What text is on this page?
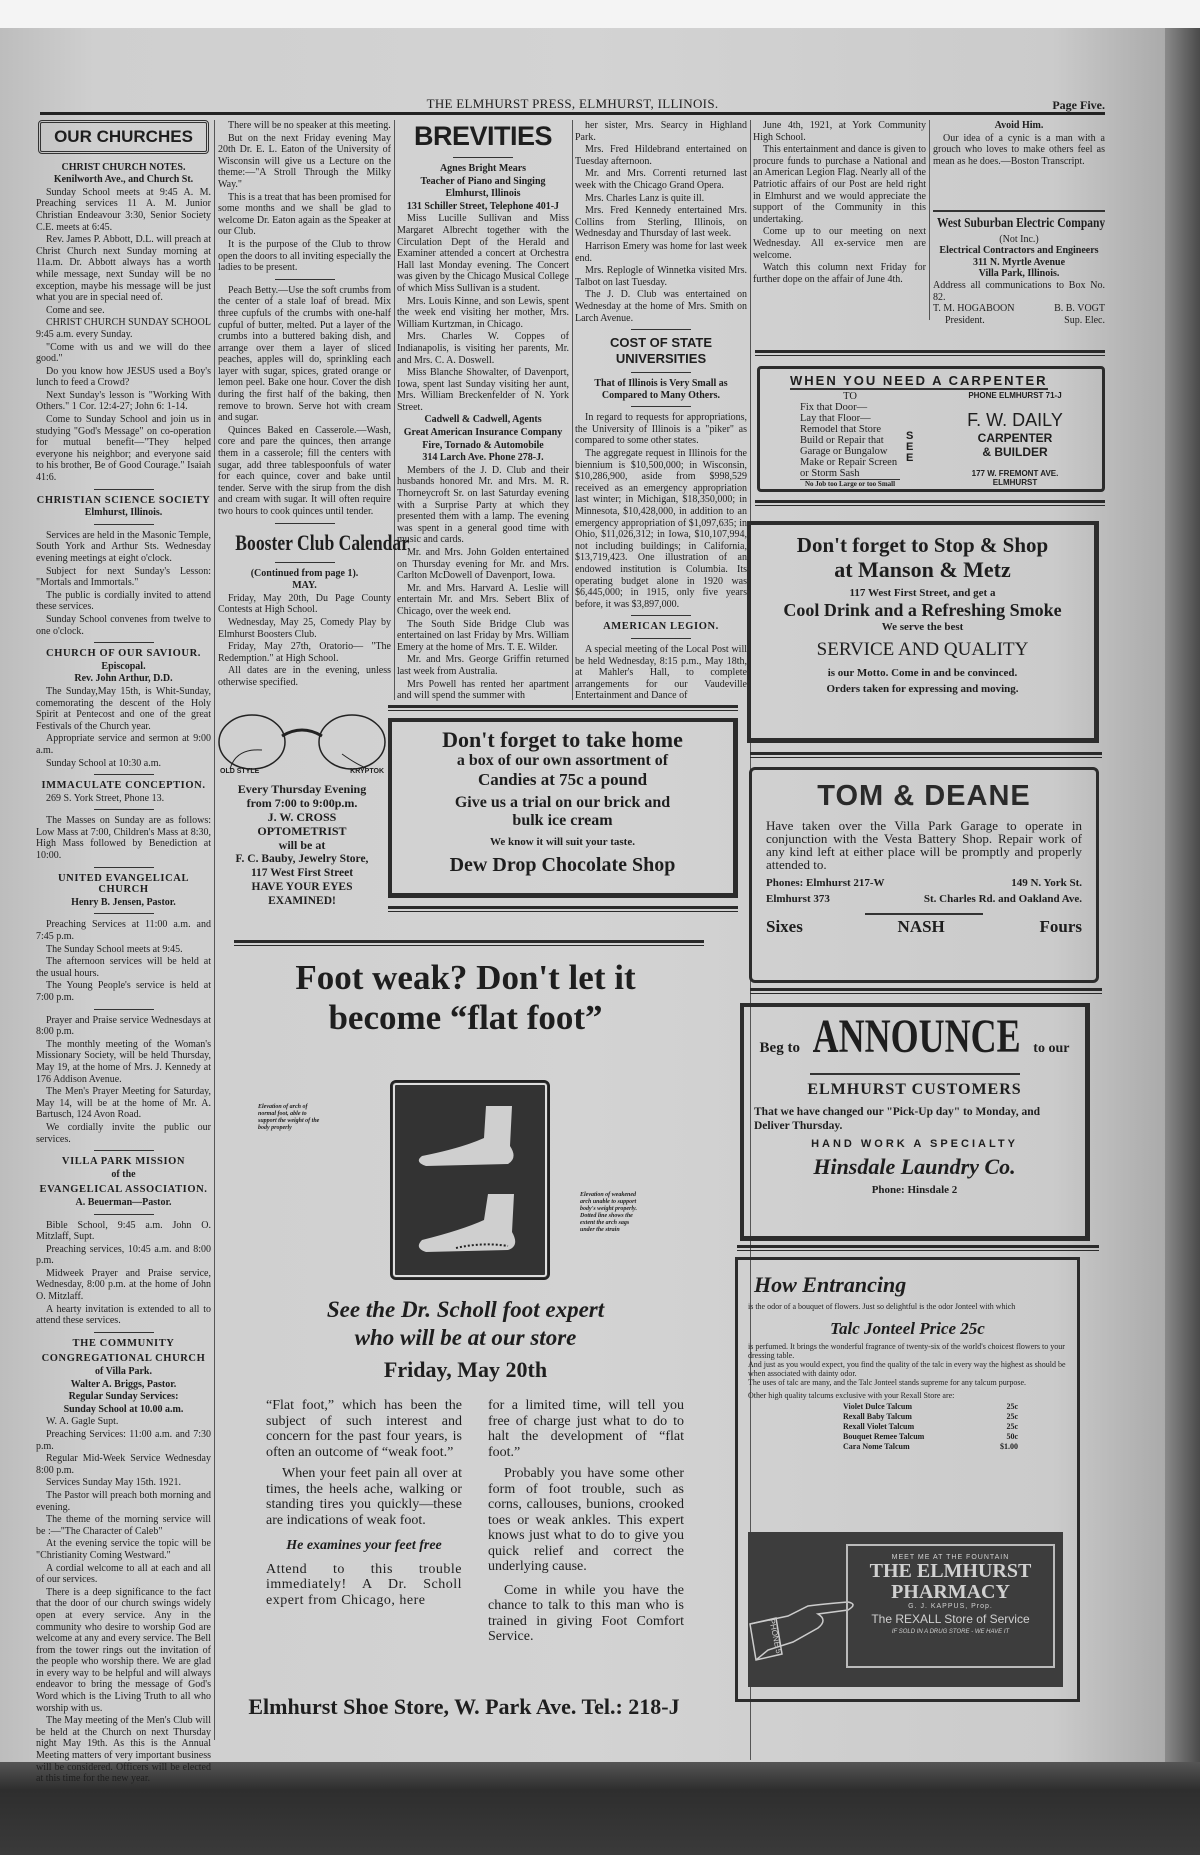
THE ELMHURST PRESS, ELMHURST, ILLINOIS.	Page Five.

OUR CHURCHES

CHRIST CHURCH NOTES.

Kenilworth Ave., and Church St.

Sunday School meets at 9:45 A. M. Preaching services 11 A. M. Junior Christian Endeavour 3:30, Senior Society C.E. meets at 6:45.

Rev. James P. Abbott, D.L. will preach at Christ Church next Sunday morning at 11a.m. Dr. Abbott always has a worth while message, next Sunday will be no exception, maybe his message will be just what you are in special need of.

Come and see.

CHRIST CHURCH SUNDAY SCHOOL 9:45 a.m. every Sunday.

"Come with us and we will do thee good."

Do you know how JESUS used a Boy's lunch to feed a Crowd?

Next Sunday's lesson is "Working With Others." 1 Cor. 12:4-27; John 6: 1-14.

Come to Sunday School and join us in studying "God's Message" on co-operation for mutual benefit—"They helped everyone his neighbor; and everyone said to his brother, Be of Good Courage." Isaiah 41:6.

CHRISTIAN SCIENCE SOCIETY

Elmhurst, Illinois.

Services are held in the Masonic Temple, South York and Arthur Sts. Wednesday evening meetings at eight o'clock.

Subject for next Sunday's Lesson: "Mortals and Immortals."

The public is cordially invited to attend these services.

Sunday School convenes from twelve to one o'clock.

CHURCH OF OUR SAVIOUR.

Episcopal.

Rev. John Arthur, D.D.

The Sunday,May 15th, is Whit-Sunday, comemorating the descent of the Holy Spirit at Pentecost and one of the great Festivals of the Church year.

Appropriate service and sermon at 9:00 a.m.

Sunday School at 10:30 a.m.

IMMACULATE CONCEPTION.

269 S. York Street, Phone 13.

The Masses on Sunday are as follows: Low Mass at 7:00, Children's Mass at 8:30, High Mass followed by Benediction at 10:00.

UNITED EVANGELICAL CHURCH

Henry B. Jensen, Pastor.

Preaching Services at 11:00 a.m. and 7:45 p.m.

The Sunday School meets at 9:45.

The afternoon services will be held at the usual hours.

The Young People's service is held at 7:00 p.m.

Prayer and Praise service Wednesdays at 8:00 p.m.

The monthly meeting of the Woman's Missionary Society, will be held Thursday, May 19, at the home of Mrs. J. Kennedy at 176 Addison Avenue.

The Men's Prayer Meeting for Saturday, May 14, will be at the home of Mr. A. Bartusch, 124 Avon Road.

We cordially invite the public our services.

VILLA PARK MISSION

of the

EVANGELICAL ASSOCIATION.

A. Beuerman—Pastor.

Bible School, 9:45 a.m. John O. Mitzlaff, Supt.

Preaching services, 10:45 a.m. and 8:00 p.m.

Midweek Prayer and Praise service, Wednesday, 8:00 p.m. at the home of John O. Mitzlaff.

A hearty invitation is extended to all to attend these services.

THE COMMUNITY

CONGREGATIONAL CHURCH

of Villa Park.

Walter A. Briggs, Pastor.

Regular Sunday Services:

Sunday School at 10.00 a.m.

W. A. Gagle Supt.

Preaching Services: 11:00 a.m. and 7:30 p.m.

Regular Mid-Week Service Wednesday 8:00 p.m.

Services Sunday May 15th. 1921.

The Pastor will preach both morning and evening.

The theme of the morning service will be :—"The Character of Caleb"

At the evening service the topic will be "Christianity Coming Westward."

A cordial welcome to all at each and all of our services.

There is a deep significance to the fact that the door of our church swings widely open at every service. Any in the community who desire to worship God are welcome at any and every service. The Bell from the tower rings out the invitation of the people who worship there. We are glad in every way to be helpful and will always endeavor to bring the message of God's Word which is the Living Truth to all who worship with us.

The May meeting of the Men's Club will be held at the Church on next Thursday night May 19th. As this is the Annual Meeting matters of very important business will be considered. Officers will be elected at this time for the new year.

There will be no speaker at this meeting.

But on the next Friday evening May 20th Dr. E. L. Eaton of the University of Wisconsin will give us a Lecture on the theme:—"A Stroll Through the Milky Way."

This is a treat that has been promised for some months and we shall be glad to welcome Dr. Eaton again as the Speaker at our Club.

It is the purpose of the Club to throw open the doors to all inviting especially the ladies to be present.

Peach Betty.—Use the soft crumbs from the center of a stale loaf of bread. Mix three cupfuls of the crumbs with one-half cupful of butter, melted. Put a layer of the crumbs into a buttered baking dish, and arrange over them a layer of sliced peaches, apples will do, sprinkling each layer with sugar, spices, grated orange or lemon peel. Bake one hour. Cover the dish during the first half of the baking, then remove to brown. Serve hot with cream and sugar.

Quinces Baked en Casserole.—Wash, core and pare the quinces, then arrange them in a casserole; fill the centers with sugar, add three tablespoonfuls of water for each quince, cover and bake until tender. Serve with the sirup from the dish and cream with sugar. It will often require two hours to cook quinces until tender.

Booster Club Calendar

(Continued from page 1).

MAY.

Friday, May 20th, Du Page County Contests at High School.

Wednesday, May 25, Comedy Play by Elmhurst Boosters Club.

Friday, May 27th, Oratorio— "The Redemption." at High School.

All dates are in the evening, unless otherwise specified.

BREVITIES

Agnes Bright Mears

Teacher of Piano and Singing

Elmhurst, Illinois

131 Schiller Street, Telephone 401-J

Miss Lucille Sullivan and Miss Margaret Albrecht together with the Circulation Dept of the Herald and Examiner attended a concert at Orchestra Hall last Monday evening. The Concert was given by the Chicago Musical College of which Miss Sullivan is a student.

Mrs. Louis Kinne, and son Lewis, spent the week end visiting her mother, Mrs. William Kurtzman, in Chicago.

Mrs. Charles W. Coppes of Indianapolis, is visiting her parents, Mr. and Mrs. C. A. Doswell.

Miss Blanche Showalter, of Davenport, Iowa, spent last Sunday visiting her aunt, Mrs. William Breckenfelder of N. York Street.

Cadwell & Cadwell, Agents

Great American Insurance Company

Fire, Tornado & Automobile

314 Larch Ave. Phone 278-J.

Members of the J. D. Club and their husbands honored Mr. and Mrs. M. R. Thorneycroft Sr. on last Saturday evening with a Surprise Party at which they presented them with a lamp. The evening was spent in a general good time with music and cards.

Mr. and Mrs. John Golden entertained on Thursday evening for Mr. and Mrs. Carlton McDowell of Davenport, Iowa.

Mr. and Mrs. Harvard A. Leslie will entertain Mr. and Mrs. Sebert Blix of Chicago, over the week end.

The South Side Bridge Club was entertained on last Friday by Mrs. William Emery at the home of Mrs. T. E. Wilder.

Mr. and Mrs. George Griffin returned last week from Australia.

Mrs Powell has rented her apartment and will spend the summer with

her sister, Mrs. Searcy in Highland Park.

Mrs. Fred Hildebrand entertained on Tuesday afternoon.

Mr. and Mrs. Correnti returned last week with the Chicago Grand Opera.

Mrs. Charles Lanz is quite ill.

Mrs. Fred Kennedy entertained Mrs. Collins from Sterling, Illinois, on Wednesday and Thursday of last week.

Harrison Emery was home for last week end.

Mrs. Replogle of Winnetka visited Mrs. Talbot on last Tuesday.

The J. D. Club was entertained on Wednesday at the home of Mrs. Smith on Larch Avenue.

COST OF STATE UNIVERSITIES

That of Illinois is Very Small as Compared to Many Others.

In regard to requests for appropriations, the University of Illinois is a "piker" as compared to some other states.

The aggregate request in Illinois for the biennium is $10,500,000; in Wisconsin, $10,286,900, aside from $998,529 received as an emergency appropriation last winter; in Michigan, $18,350,000; in Minnesota, $10,428,000, in addition to an emergency appropriation of $1,097,635; in Ohio, $11,026,312; in Iowa, $10,107,994, not including buildings; in California, $13,719,423. One illustration of an endowed institution is Columbia. Its operating budget alone in 1920 was $6,445,000; in 1915, only five years before, it was $3,897,000.

AMERICAN LEGION.

A special meeting of the Local Post will be held Wednesday, 8:15 p.m., May 18th, at Mahler's Hall, to complete arrangements for our Vaudeville Entertainment and Dance of

June 4th, 1921, at York Community High School.

This entertainment and dance is given to procure funds to purchase a National and an American Legion Flag. Nearly all of the Patriotic affairs of our Post are held right in Elmhurst and we would appreciate the support of the Community in this undertaking.

Come up to our meeting on next Wednesday. All ex-service men are welcome.

Watch this column next Friday for further dope on the affair of June 4th.

Avoid Him.

Our idea of a cynic is a man with a grouch who loves to make others feel as mean as he does.—Boston Transcript.

West Suburban Electric Company
(Not Inc.)
Electrical Contractors and Engineers
311 N. Myrtle Avenue
Villa Park, Illinois.
Address all communications to Box No. 82.
T. M. HOGABOON	B. B. VOGT
President.	Sup. Elec.
WHEN YOU NEED A CARPENTER
TO
Fix that Door—
Lay that Floor—
Remodel that Store
Build or Repair that
Garage or Bungalow
Make or Repair Screen
or Storm Sash
No Job too Large or too Small
SEE
PHONE ELMHURST 71-J
F. W. DAILY
CARPENTER
& BUILDER
177 W. FREMONT AVE.
ELMHURST
Don't forget to Stop & Shop
at Manson & Metz
117 West First Street, and get a
Cool Drink and a Refreshing Smoke
We serve the best
SERVICE AND QUALITY
is our Motto. Come in and be convinced.
Orders taken for expressing and moving.
TOM & DEANE
Have taken over the Villa Park Garage to operate in conjunction with the Vesta Battery Shop. Repair work of any kind left at either place will be promptly and properly attended to.
Phones: Elmhurst 217-W	149 N. York St.
Elmhurst 373	St. Charles Rd. and Oakland Ave.
Sixes	NASH	Fours
Beg to ANNOUNCE to our
ELMHURST CUSTOMERS
That we have changed our "Pick-Up day" to Monday, and Deliver Thursday.
HAND WORK A SPECIALTY
Hinsdale Laundry Co.
Phone: Hinsdale 2
How Entrancing
is the odor of a bouquet of flowers. Just so delightful is the odor Jonteel with which
Talc Jonteel Price 25c
is perfumed. It brings the wonderful fragrance of twenty-six of the world's choicest flowers to your dressing table.
And just as you would expect, you find the quality of the talc in every way the highest as should be when associated with dainty odor.
The uses of talc are many, and the Talc Jonteel stands supreme for any talcum purpose.
Other high quality talcums exclusive with your Rexall Store are:
Violet Dulce Talcum	25c
Rexall Baby Talcum	25c
Rexall Violet Talcum	25c
Bouquet Remee Talcum	50c
Cara Nome Talcum	$1.00
PHONE 5
MEET ME AT THE FOUNTAIN
THE ELMHURST
PHARMACY
G. J. KAPPUS, Prop.
The REXALL Store of Service
IF SOLD IN A DRUG STORE - WE HAVE IT
Don't forget to take home
a box of our own assortment of
Candies at 75c a pound
Give us a trial on our brick and
bulk ice cream
We know it will suit your taste.
Dew Drop Chocolate Shop
OLD STYLE	KRYPTOK
Every Thursday Evening
from 7:00 to 9:00p.m.
J. W. CROSS
OPTOMETRIST
will be at
F. C. Bauby, Jewelry Store,
117 West First Street
HAVE YOUR EYES
EXAMINED!
Foot weak? Don't let it
become “flat foot”
Elevation of arch of normal foot, able to support the weight of the body properly
Elevation of weakened arch unable to support body's weight properly. Dotted line shows the extent the arch sags under the strain
See the Dr. Scholl foot expert
who will be at our store
Friday, May 20th

“Flat foot,” which has been the subject of such interest and concern for the past four years, is often an outcome of “weak foot.”

When your feet pain all over at times, the heels ache, walking or standing tires you quickly—these are indications of weak foot.

He examines your feet free

Attend to this trouble immediately! A Dr. Scholl expert from Chicago, here

for a limited time, will tell you free of charge just what to do to halt the development of “flat foot.”

Probably you have some other form of foot trouble, such as corns, callouses, bunions, crooked toes or weak ankles. This expert knows just what to do to give you quick relief and correct the underlying cause.

Come in while you have the chance to talk to this man who is trained in giving Foot Comfort Service.

Elmhurst Shoe Store, W. Park Ave. Tel.: 218-J
